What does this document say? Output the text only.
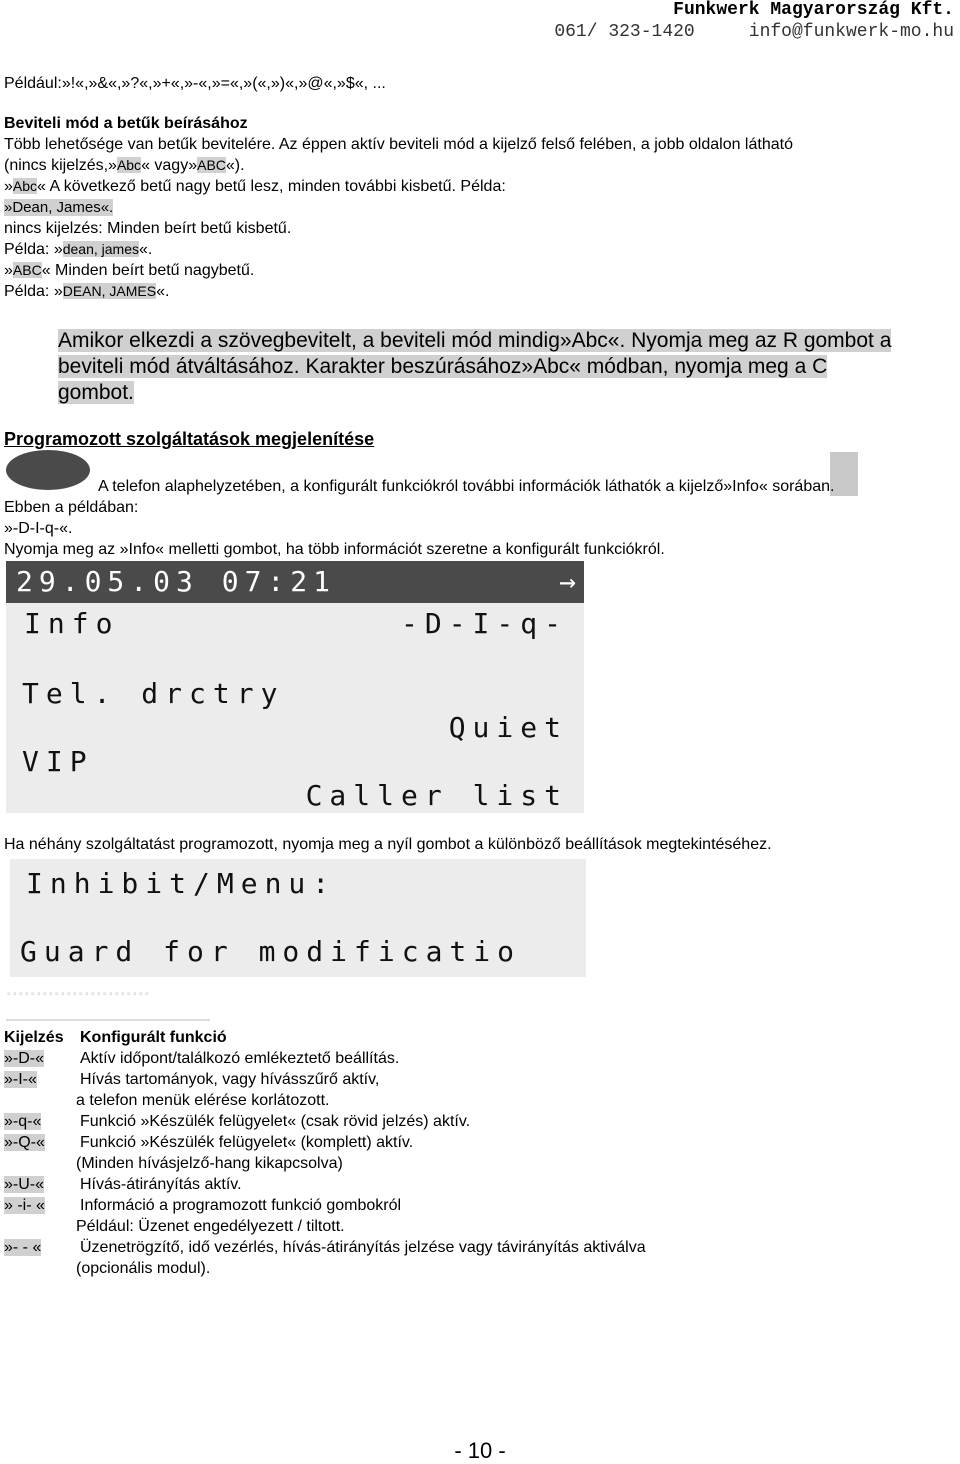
Funkwerk Magyarország Kft.
061/ 323-1420	info@funkwerk-mo.hu
Például:»!«,»&«,»?«,»+«,»-«,»=«,»(«,»)«,»@«,»$«, ...
Beviteli mód a betűk beírásához
Több lehetősége van betűk bevitelére. Az éppen aktív beviteli mód a kijelző felső felében, a jobb oldalon látható
(nincs kijelzés,»Abc« vagy»ABC«).
»Abc« A következő betű nagy betű lesz, minden további kisbetű. Példa:
»Dean, James«.
nincs kijelzés: Minden beírt betű kisbetű.
Példa: »dean, james«.
»ABC« Minden beírt betű nagybetű.
Példa: »DEAN, JAMES«.
Amikor elkezdi a szövegbevitelt, a beviteli mód mindig»Abc«. Nyomja meg az R gombot a
beviteli mód átváltásához. Karakter beszúrásához»Abc« módban, nyomja meg a C
gombot.
Programozott szolgáltatások megjelenítése
A telefon alaphelyzetében, a konfigurált funkciókról további információk láthatók a kijelző»Info« sorában.
Ebben a példában:
»-D-I-q-«.
Nyomja meg az »Info« melletti gombot, ha több információt szeretne a konfigurált funkciókról.
29.05.03 07:21	→
Info	-D-I-q-
Tel. drctry
Quiet
VIP
Caller list
Ha néhány szolgáltatást programozott, nyomja meg a nyíl gombot a különböző beállítások megtekintéséhez.
Inhibit/Menu:
Guard for modificatio
▫▫▫▫▫▫▫▫▫▫▫▫▫▫▫▫▫▫▫▫▫▫▫▫
‗‗‗‗‗‗‗‗‗‗‗‗‗‗‗‗‗‗‗‗‗‗‗‗‗‗‗‗‗‗‗‗‗‗
Kijelzés Konfigurált funkció
»-D-« Aktív időpont/találkozó emlékeztető beállítás.
»-I-«	Hívás tartományok, vagy hívásszűrő aktív,
a telefon menük elérése korlátozott.
»-q-« Funkció »Készülék felügyelet« (csak rövid jelzés) aktív.
»-Q-« Funkció »Készülék felügyelet« (komplett) aktív.
(Minden hívásjelző-hang kikapcsolva)
»-U-« Hívás-átirányítás aktív.
» -i- « Információ a programozott funkció gombokról
Például: Üzenet engedélyezett / tiltott.
»- - « Üzenetrögzítő, idő vezérlés, hívás-átirányítás jelzése vagy távirányítás aktiválva
(opcionális modul).
- 10 -
